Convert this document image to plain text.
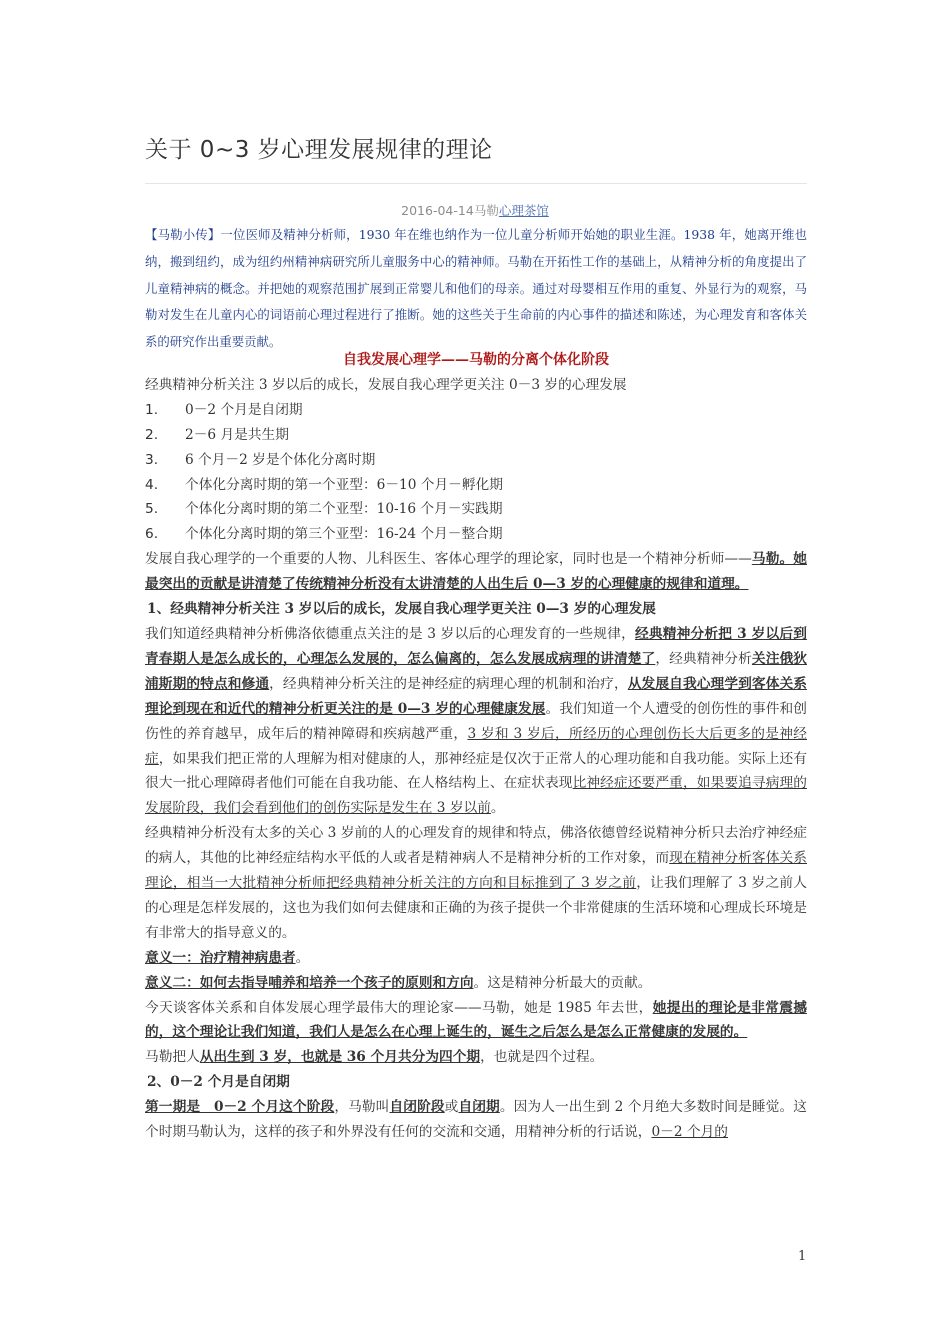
关于 0~3 岁心理发展规律的理论
2016-04-14马勒心理茶馆
【马勒小传】一位医师及精神分析师，1930 年在维也纳作为一位儿童分析师开始她的职业生涯。1938 年，她离开维也纳，搬到纽约，成为纽约州精神病研究所儿童服务中心的精神师。马勒在开拓性工作的基础上，从精神分析的角度提出了儿童精神病的概念。并把她的观察范围扩展到正常婴儿和他们的母亲。通过对母婴相互作用的重复、外显行为的观察，马勒对发生在儿童内心的词语前心理过程进行了推断。她的这些关于生命前的内心事件的描述和陈述，为心理发育和客体关系的研究作出重要贡献。

自我发展心理学——马勒的分离个体化阶段

经典精神分析关注 3 岁以后的成长，发展自我心理学更关注 0－3 岁的心理发展

1.	0－2 个月是自闭期
2.	2－6 月是共生期
3.	6 个月－2 岁是个体化分离时期
4.	个体化分离时期的第一个亚型：6－10 个月－孵化期
5.	个体化分离时期的第二个亚型：10-16 个月－实践期
6.	个体化分离时期的第三个亚型：16-24 个月－整合期

发展自我心理学的一个重要的人物、儿科医生、客体心理学的理论家，同时也是一个精神分析师——马勒。她最突出的贡献是讲清楚了传统精神分析没有太讲清楚的人出生后 0—3 岁的心理健康的规律和道理。

1、经典精神分析关注 3 岁以后的成长，发展自我心理学更关注 0—3 岁的心理发展

我们知道经典精神分析佛洛依德重点关注的是 3 岁以后的心理发育的一些规律，经典精神分析把 3 岁以后到青春期人是怎么成长的，心理怎么发展的，怎么偏离的，怎么发展成病理的讲清楚了，经典精神分析关注俄狄浦斯期的特点和修通，经典精神分析关注的是神经症的病理心理的机制和治疗，从发展自我心理学到客体关系理论到现在和近代的精神分析更关注的是 0—3 岁的心理健康发展。我们知道一个人遭受的创伤性的事件和创伤性的养育越早，成年后的精神障碍和疾病越严重，3 岁和 3 岁后，所经历的心理创伤长大后更多的是神经症，如果我们把正常的人理解为相对健康的人，那神经症是仅次于正常人的心理功能和自我功能。实际上还有很大一批心理障碍者他们可能在自我功能、在人格结构上、在症状表现比神经症还要严重，如果要追寻病理的发展阶段，我们会看到他们的创伤实际是发生在 3 岁以前。

经典精神分析没有太多的关心 3 岁前的人的心理发育的规律和特点，佛洛依德曾经说精神分析只去治疗神经症的病人，其他的比神经症结构水平低的人或者是精神病人不是精神分析的工作对象，而现在精神分析客体关系理论，相当一大批精神分析师把经典精神分析关注的方向和目标推到了 3 岁之前，让我们理解了 3 岁之前人的心理是怎样发展的，这也为我们如何去健康和正确的为孩子提供一个非常健康的生活环境和心理成长环境是有非常大的指导意义的。

意义一：治疗精神病患者。

意义二：如何去指导哺养和培养一个孩子的原则和方向。这是精神分析最大的贡献。

今天谈客体关系和自体发展心理学最伟大的理论家——马勒，她是 1985 年去世，她提出的理论是非常震撼的，这个理论让我们知道，我们人是怎么在心理上诞生的，诞生之后怎么是怎么正常健康的发展的。

马勒把人从出生到 3 岁，也就是 36 个月共分为四个期，也就是四个过程。

2、0－2 个月是自闭期

第一期是　0－2 个月这个阶段，马勒叫自闭阶段或自闭期。因为人一出生到 2 个月绝大多数时间是睡觉。这个时期马勒认为，这样的孩子和外界没有任何的交流和交通，用精神分析的行话说，0－2 个月的

1
